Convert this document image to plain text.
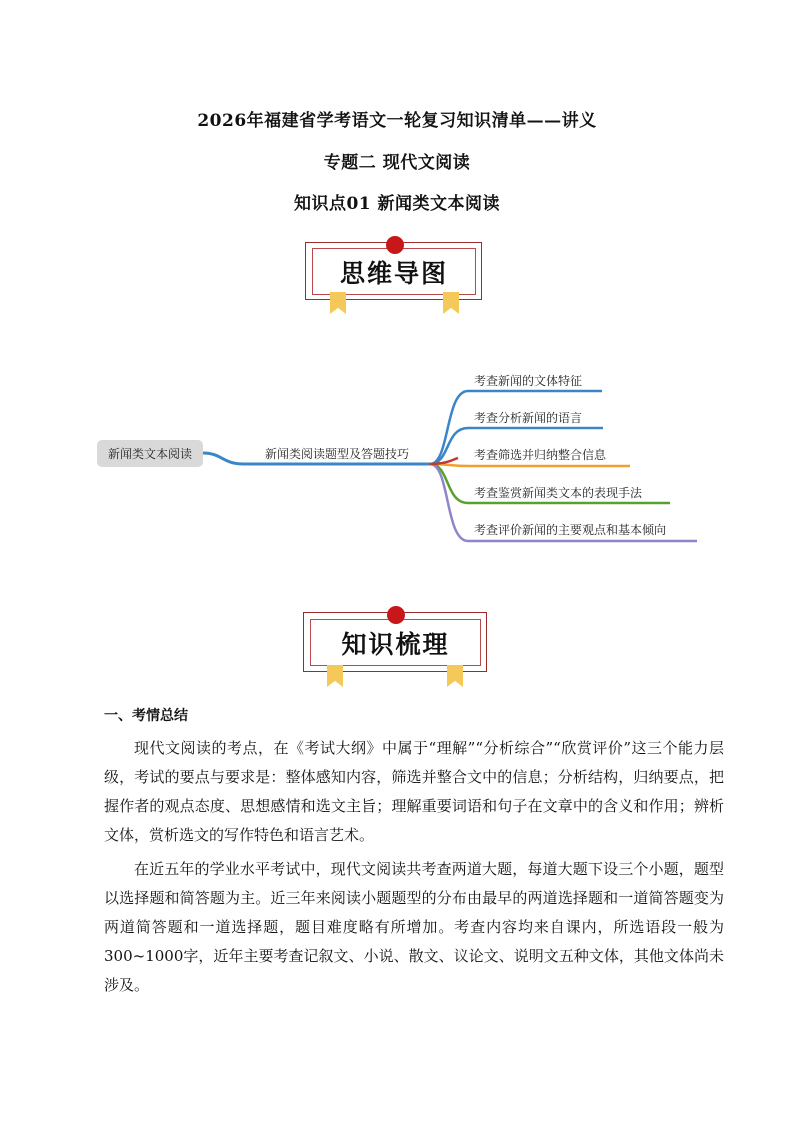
2026年福建省学考语文一轮复习知识清单——讲义
专题二 现代文阅读
知识点01 新闻类文本阅读
思维导图
新闻类阅读题型及答题技巧
考查新闻的文体特征
考查分析新闻的语言
考查筛选并归纳整合信息
考查鉴赏新闻类文本的表现手法
考查评价新闻的主要观点和基本倾向
新闻类文本阅读
知识梳理
一、考情总结

现代文阅读的考点，在《考试大纲》中属于“理解”“分析综合”“欣赏评价”这三个能力层级，考试的要点与要求是：整体感知内容，筛选并整合文中的信息；分析结构，归纳要点，把握作者的观点态度、思想感情和选文主旨；理解重要词语和句子在文章中的含义和作用；辨析文体，赏析选文的写作特色和语言艺术。

在近五年的学业水平考试中，现代文阅读共考查两道大题，每道大题下设三个小题，题型以选择题和简答题为主。近三年来阅读小题题型的分布由最早的两道选择题和一道简答题变为两道简答题和一道选择题，题目难度略有所增加。考查内容均来自课内，所选语段一般为300~1000字，近年主要考查记叙文、小说、散文、议论文、说明文五种文体，其他文体尚未涉及。
